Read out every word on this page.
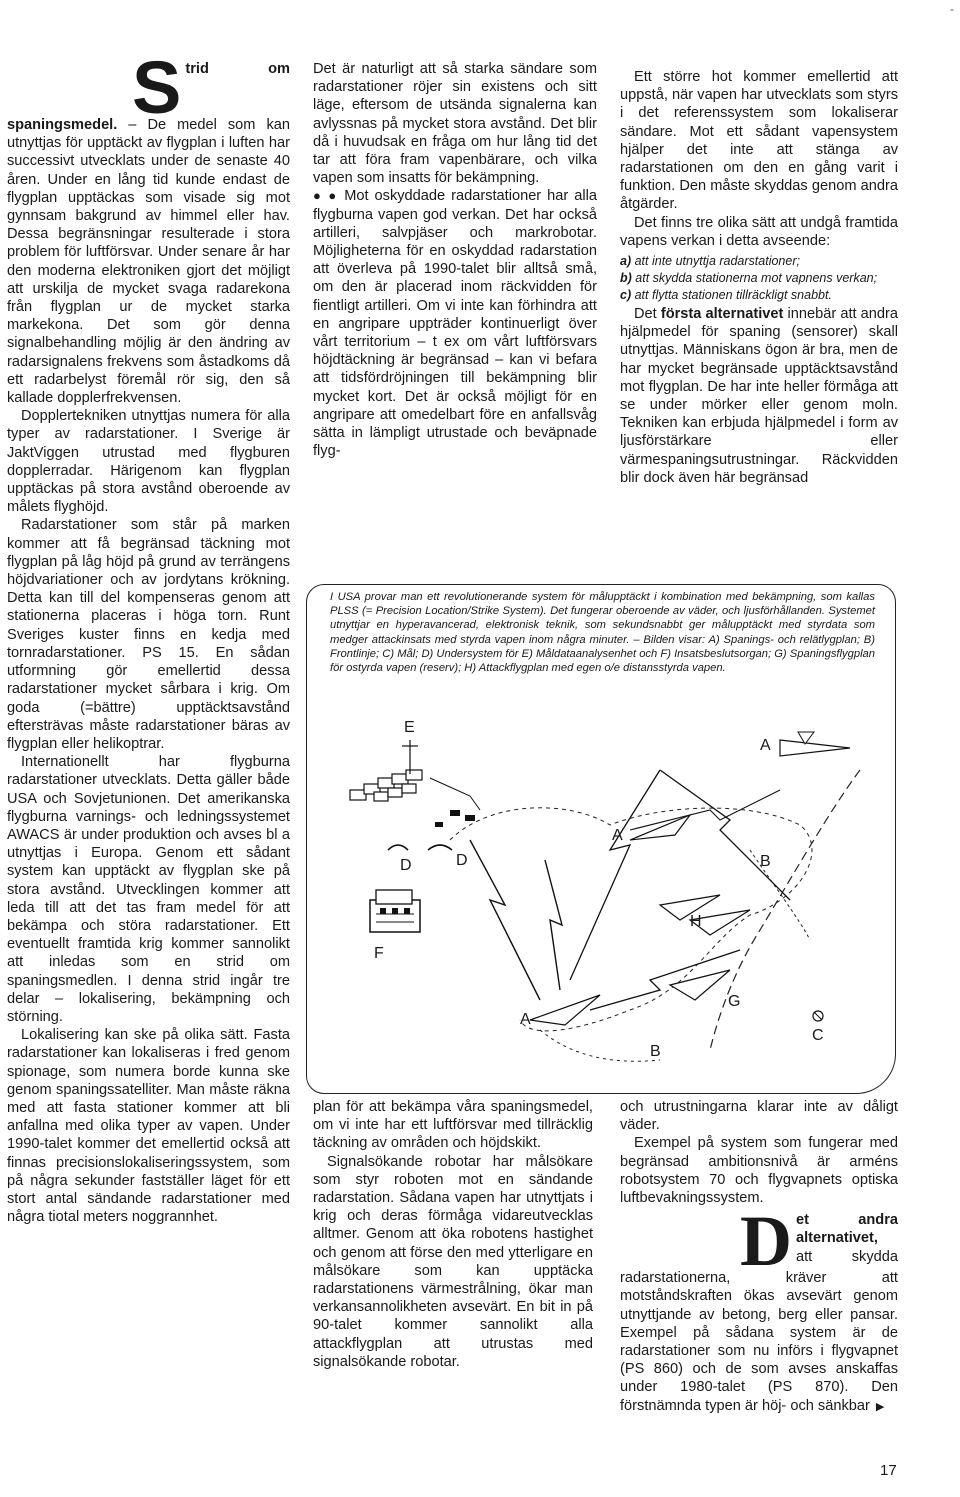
Strid om spaningsmedel. – De medel som kan utnyttjas för upptäckt av flygplan i luften har successivt utvecklats under de senaste 40 åren. Under en lång tid kunde endast de flygplan upptäckas som visade sig mot gynnsam bakgrund av himmel eller hav. Dessa begränsningar resulterade i stora problem för luftförsvar. Under senare år har den moderna elektroniken gjort det möjligt att urskilja de mycket svaga radarekona från flygplan ur de mycket starka markekona. Det som gör denna signalbehandling möjlig är den ändring av radarsignalens frekvens som åstadkoms då ett radarbelyst föremål rör sig, den så kallade dopplerfrekvensen.

Dopplertekniken utnyttjas numera för alla typer av radarstationer. I Sverige är JaktViggen utrustad med flygburen dopplerradar. Härigenom kan flygplan upptäckas på stora avstånd oberoende av målets flyghöjd.

Radarstationer som står på marken kommer att få begränsad täckning mot flygplan på låg höjd på grund av terrängens höjdvariationer och av jordytans krökning. Detta kan till del kompenseras genom att stationerna placeras i höga torn. Runt Sveriges kuster finns en kedja med tornradarstationer. PS 15. En sådan utformning gör emellertid dessa radarstationer mycket sårbara i krig. Om goda (=bättre) upptäcktsavstånd eftersträvas måste radarstationer bäras av flygplan eller helikoptrar.

Internationellt har flygburna radarstationer utvecklats. Detta gäller både USA och Sovjetunionen. Det amerikanska flygburna varnings- och ledningssystemet AWACS är under produktion och avses bl a utnyttjas i Europa. Genom ett sådant system kan upptäckt av flygplan ske på stora avstånd. Utvecklingen kommer att leda till att det tas fram medel för att bekämpa och störa radarstationer. Ett eventuellt framtida krig kommer sannolikt att inledas som en strid om spaningsmedlen. I denna strid ingår tre delar – lokalisering, bekämpning och störning.

Lokalisering kan ske på olika sätt. Fasta radarstationer kan lokaliseras i fred genom spionage, som numera borde kunna ske genom spaningssatelliter. Man måste räkna med att fasta stationer kommer att bli anfallna med olika typer av vapen. Under 1990-talet kommer det emellertid också att finnas precisionslokaliseringssystem, som på några sekunder fastställer läget för ett stort antal sändande radarstationer med några tiotal meters noggrannhet.

Det är naturligt att så starka sändare som radarstationer röjer sin existens och sitt läge, eftersom de utsända signalerna kan avlyssnas på mycket stora avstånd. Det blir då i huvudsak en fråga om hur lång tid det tar att föra fram vapenbärare, och vilka vapen som insatts för bekämpning.

● ● Mot oskyddade radarstationer har alla flygburna vapen god verkan. Det har också artilleri, salvpjäser och markrobotar. Möjligheterna för en oskyddad radarstation att överleva på 1990-talet blir alltså små, om den är placerad inom räckvidden för fientligt artilleri. Om vi inte kan förhindra att en angripare uppträder kontinuerligt över vårt territorium – t ex om vårt luftförsvars höjdtäckning är begränsad – kan vi befara att tidsfördröjningen till bekämpning blir mycket kort. Det är också möjligt för en angripare att omedelbart före en anfallsvåg sätta in lämpligt utrustade och beväpnade flyg-

Ett större hot kommer emellertid att uppstå, när vapen har utvecklats som styrs i det referenssystem som lokaliserar sändare. Mot ett sådant vapensystem hjälper det inte att stänga av radarstationen om den en gång varit i funktion. Den måste skyddas genom andra åtgärder.

Det finns tre olika sätt att undgå framtida vapens verkan i detta avseende:

a) att inte utnyttja radarstationer;
b) att skydda stationerna mot vapnens verkan;
c) att flytta stationen tillräckligt snabbt.

Det första alternativet innebär att andra hjälpmedel för spaning (sensorer) skall utnyttjas. Människans ögon är bra, men de har mycket begränsade upptäcktsavstånd mot flygplan. De har inte heller förmåga att se under mörker eller genom moln. Tekniken kan erbjuda hjälpmedel i form av ljusförstärkare eller värmespaningsutrustningar. Räckvidden blir dock även här begränsad

I USA provar man ett revolutionerande system för målupptäckt i kombination med bekämpning, som kallas PLSS (= Precision Location/Strike System). Det fungerar oberoende av väder, och ljusförhållanden. Systemet utnyttjar en hyperavancerad, elektronisk teknik, som sekundsnabbt ger målupptäckt med styrdata som medger attackinsats med styrda vapen inom några minuter. – Bilden visar: A) Spanings- och relätlygplan; B) Frontlinje; C) Mål; D) Undersystem för E) Måldataanalysenhet och F) Insatsbeslutsorgan; G) Spaningsflygplan för ostyrda vapen (reserv); H) Attackflygplan med egen o/e distansstyrda vapen.
E
A
A
A
D	D
F
B
B
H
G
C

plan för att bekämpa våra spaningsmedel, om vi inte har ett luftförsvar med tillräcklig täckning av områden och höjdskikt.

Signalsökande robotar har målsökare som styr roboten mot en sändande radarstation. Sådana vapen har utnyttjats i krig och deras förmåga vidareutvecklas alltmer. Genom att öka robotens hastighet och genom att förse den med ytterligare en målsökare som kan upptäcka radarstationens värmestrålning, ökar man verkansannolikheten avsevärt. En bit in på 90-talet kommer sannolikt alla attackflygplan att utrustas med signalsökande robotar.

och utrustningarna klarar inte av dåligt väder.

Exempel på system som fungerar med begränsad ambitionsnivå är arméns robotsystem 70 och flygvapnets optiska luftbevakningssystem.

Det andra alternativet, att skydda radarstationerna, kräver att motståndskraften ökas avsevärt genom utnyttjande av betong, berg eller pansar. Exempel på sådana system är de radarstationer som nu införs i flygvapnet (PS 860) och de som avses anskaffas under 1980-talet (PS 870). Den förstnämnda typen är höj- och sänkbar ▶

17
-
